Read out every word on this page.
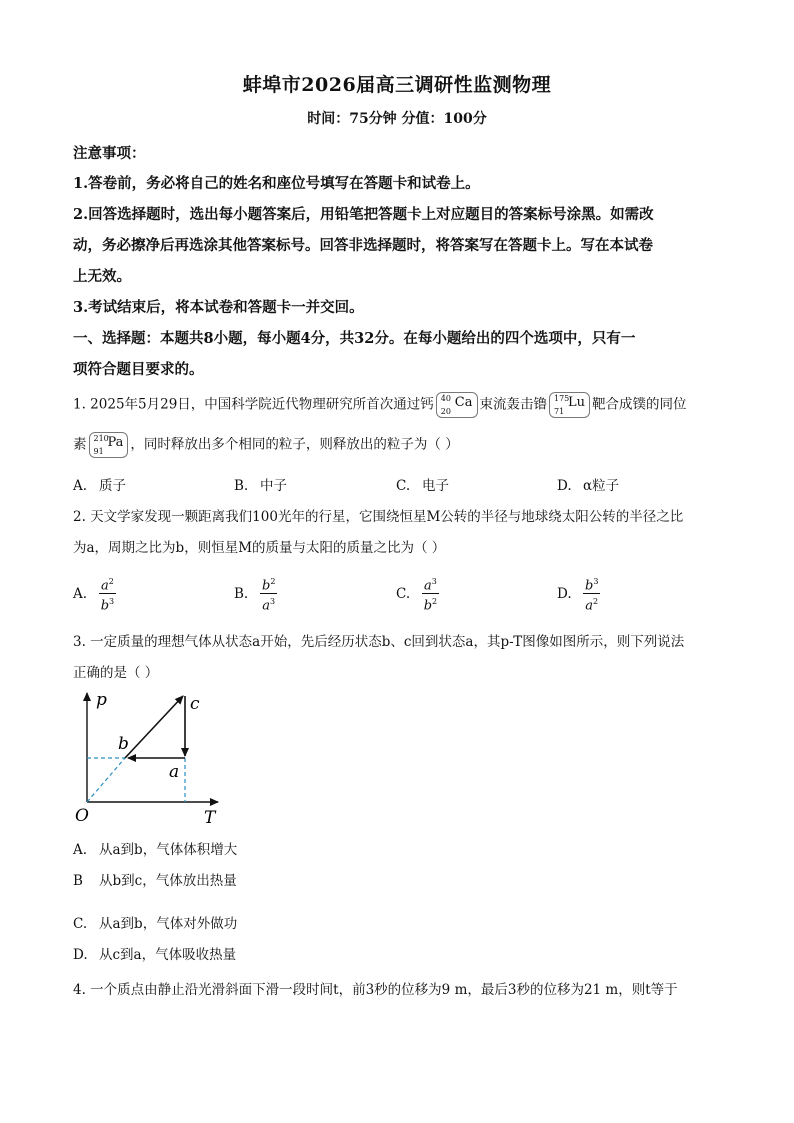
蚌埠市2026届高三调研性监测物理
时间：75分钟 分值：100分
注意事项：
1.答卷前，务必将自己的姓名和座位号填写在答题卡和试卷上。
2.回答选择题时，选出每小题答案后，用铅笔把答题卡上对应题目的答案标号涂黑。如需改
动，务必擦净后再选涂其他答案标号。回答非选择题时，将答案写在答题卡上。写在本试卷
上无效。
3.考试结束后，将本试卷和答题卡一并交回。
一、选择题：本题共8小题，每小题4分，共32分。在每小题给出的四个选项中，只有一
项符合题目要求的。
1. 2025年5月29日，中国科学院近代物理研究所首次通过钙 40
20
Ca 束流轰击镥 175
71
Lu 靶合成镤的同位
素 210
91
Pa ，同时释放出多个相同的粒子，则释放出的粒子为（ ）
A. 质子	B. 中子	C. 电子	D. α粒子
2. 天文学家发现一颗距离我们100光年的行星，它围绕恒星M公转的半径与地球绕太阳公转的半径之比
为a，周期之比为b，则恒星M的质量与太阳的质量之比为（ ）
A. $\frac{a^2}{b^3}$	B. $\frac{b^2}{a^3}$	C. $\frac{a^3}{b^2}$	D. $\frac{b^3}{a^2}$
3. 一定质量的理想气体从状态a开始，先后经历状态b、c回到状态a，其p-T图像如图所示，则下列说法
正确的是（ ）
p	c
b
a
O	T
A. 从a到b，气体体积增大
B 从b到c，气体放出热量
C. 从a到b，气体对外做功
D. 从c到a，气体吸收热量
4. 一个质点由静止沿光滑斜面下滑一段时间t，前3秒的位移为9 m，最后3秒的位移为21 m，则t等于
